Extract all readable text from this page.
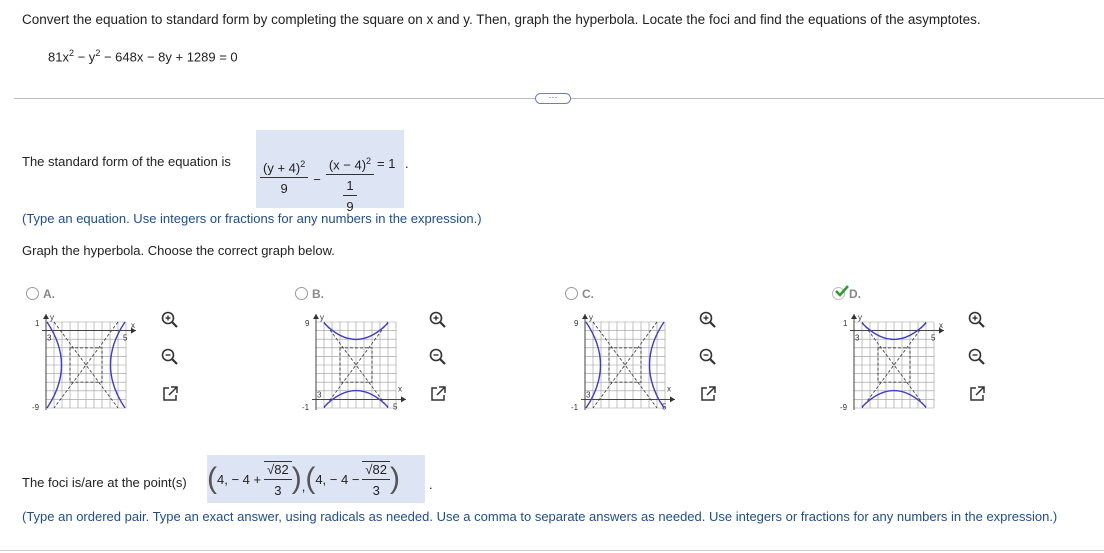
Convert the equation to standard form by completing the square on x and y. Then, graph the hyperbola. Locate the foci and find the equations of the asymptotes.
$81x^2 - y^2 - 648x - 8y + 1289 = 0$
⋯
The standard form of the equation is $\frac{(y + 4)^2}{9} - \frac{(x - 4)^2}{\frac{1}{9}} = 1$ .
(Type an equation. Use integers or fractions for any numbers in the expression.)
Graph the hyperbola. Choose the correct graph below.
A.
y
1
-9
3	5
x

B.
y
9
-1
3
5
x

C.
y
9
-1
3
5
x

D.
y
1
-9
3	5
x

The foci is/are at the point(s) ( 4, − $4 + \frac{√82}{3}$ ) , ( 4, − $4 - \frac{√82}{3}$ ) .
(Type an ordered pair. Type an exact answer, using radicals as needed. Use a comma to separate answers as needed. Use integers or fractions for any numbers in the expression.)
